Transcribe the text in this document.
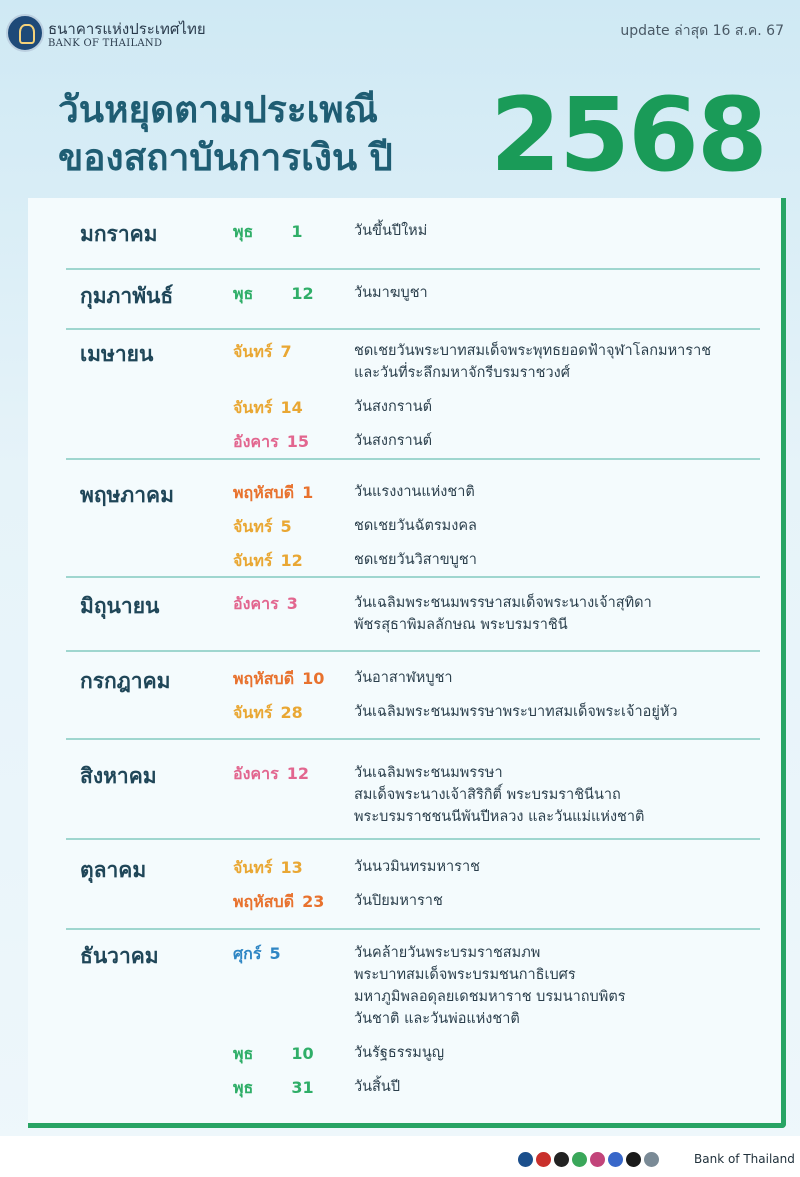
ธนาคารแห่งประเทศไทย
BANK OF THAILAND
update ล่าสุด 16 ส.ค. 67
วันหยุดตามประเพณี
ของสถาบันการเงิน ปี 2568
มกราคม	พุธ 1	วันขึ้นปีใหม่
กุมภาพันธ์	พุธ 12	วันมาฆบูชา
เมษายน	จันทร์ 7	ชดเชยวันพระบาทสมเด็จพระพุทธยอดฟ้าจุฬาโลกมหาราช
และวันที่ระลึกมหาจักรีบรมราชวงศ์
จันทร์ 14	วันสงกรานต์
อังคาร 15	วันสงกรานต์
พฤษภาคม	พฤหัสบดี 1	วันแรงงานแห่งชาติ
จันทร์ 5	ชดเชยวันฉัตรมงคล
จันทร์ 12	ชดเชยวันวิสาขบูชา
มิถุนายน	อังคาร 3	วันเฉลิมพระชนมพรรษาสมเด็จพระนางเจ้าสุทิดา
พัชรสุธาพิมลลักษณ พระบรมราชินี
กรกฎาคม	พฤหัสบดี 10 วันอาสาฬหบูชา
จันทร์ 28	วันเฉลิมพระชนมพรรษาพระบาทสมเด็จพระเจ้าอยู่หัว
สิงหาคม	อังคาร 12	วันเฉลิมพระชนมพรรษา
สมเด็จพระนางเจ้าสิริกิติ์ พระบรมราชินีนาถ
พระบรมราชชนนีพันปีหลวง และวันแม่แห่งชาติ
ตุลาคม	จันทร์ 13	วันนวมินทรมหาราช
พฤหัสบดี 23 วันปิยมหาราช
ธันวาคม	ศุกร์ 5	วันคล้ายวันพระบรมราชสมภพ
พระบาทสมเด็จพระบรมชนกาธิเบศร
มหาภูมิพลอดุลยเดชมหาราช บรมนาถบพิตร
วันชาติ และวันพ่อแห่งชาติ
พุธ 10	วันรัฐธรรมนูญ
พุธ 31	วันสิ้นปี
Bank of Thailand
